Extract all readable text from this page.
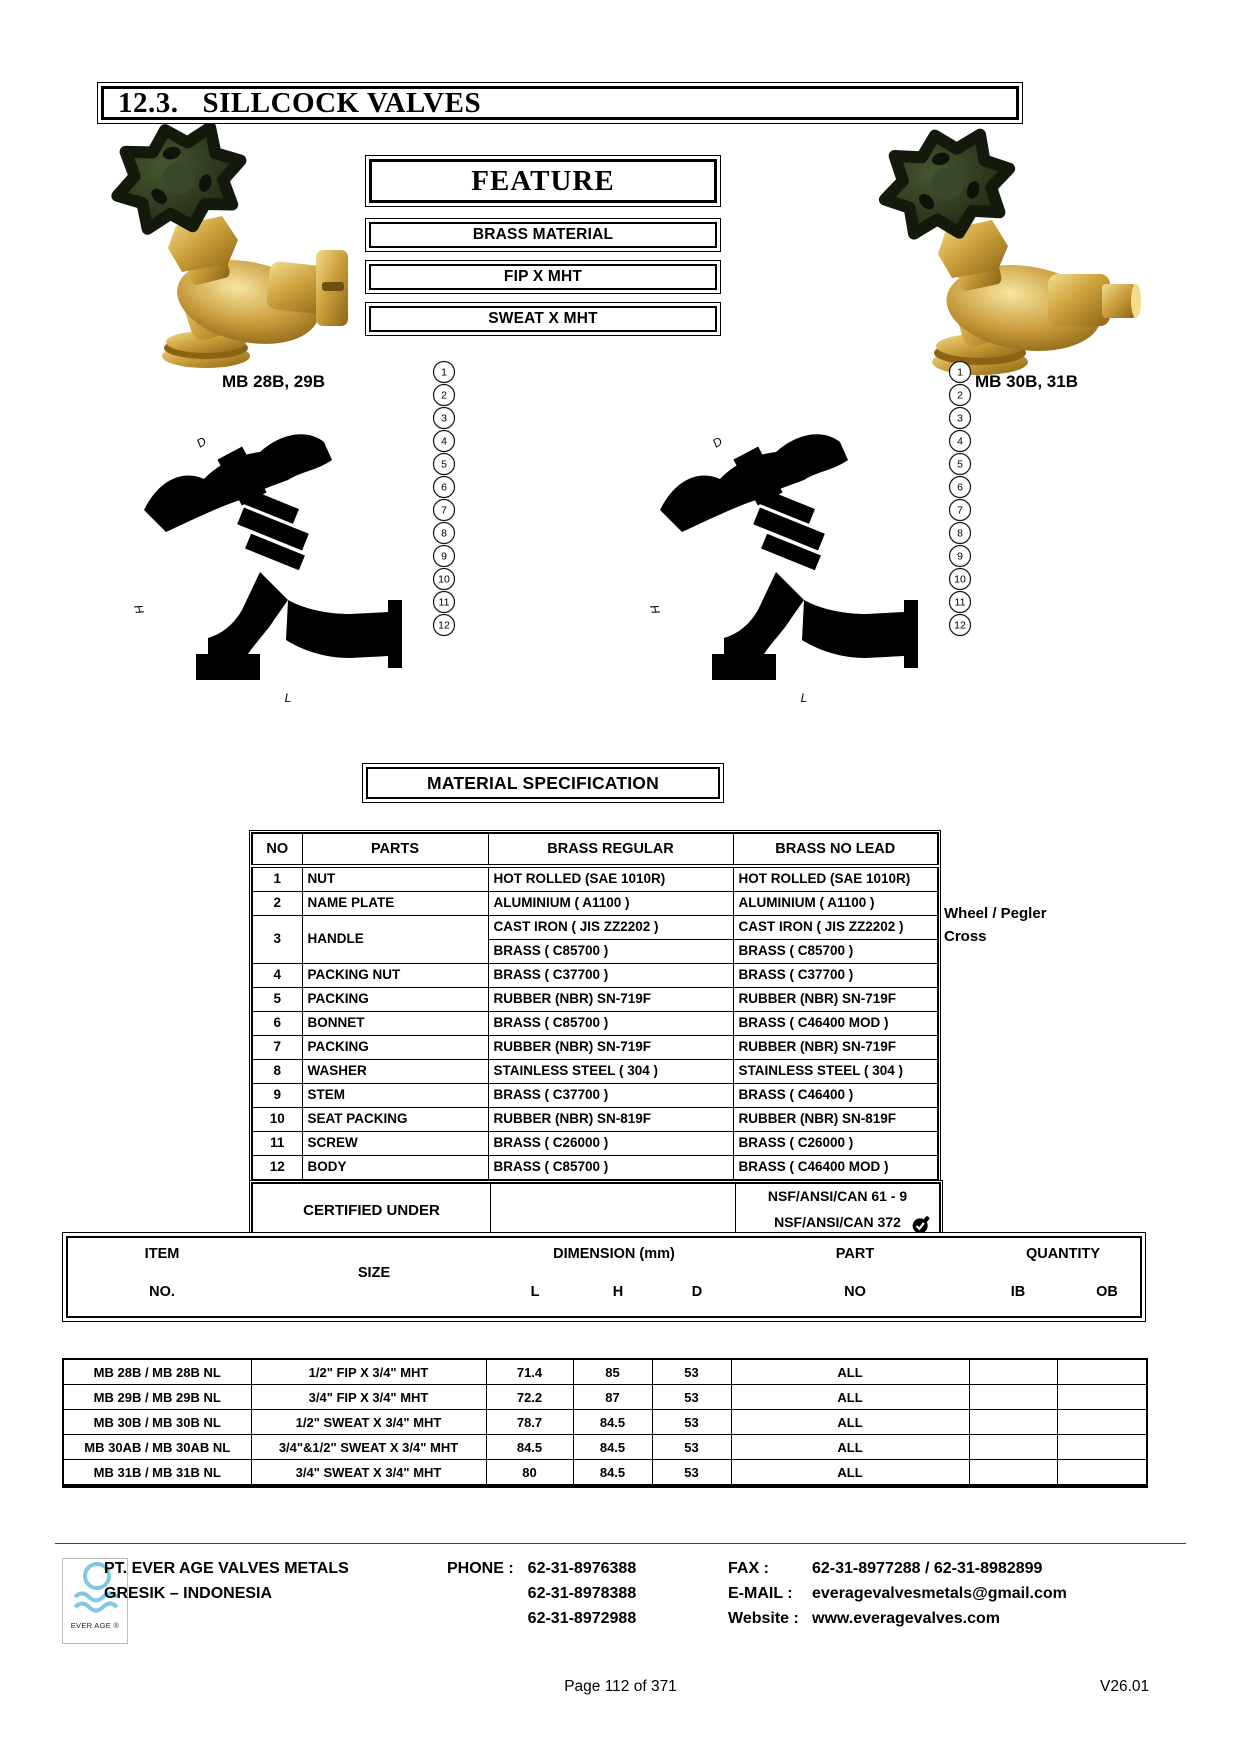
12.3. SILLCOCK VALVES
MB 28B, 29B	MB 30B, 31B
FEATURE
BRASS MATERIAL
FIP X MHT
SWEAT X MHT
D
H
L
1
2
3
4
5
6
7
8
9
10
11
12
D
H
L
1
2
3
4
5
6
7
8
9
10
11
12
MATERIAL SPECIFICATION
NO	PARTS	BRASS REGULAR	BRASS NO LEAD
1	NUT	HOT ROLLED (SAE 1010R)	HOT ROLLED (SAE 1010R)
2	NAME PLATE	ALUMINIUM ( A1100 )	ALUMINIUM ( A1100 )
3	HANDLE	CAST IRON ( JIS ZZ2202 )	CAST IRON ( JIS ZZ2202 )
		BRASS ( C85700 )	BRASS ( C85700 )
4	PACKING NUT	BRASS ( C37700 )	BRASS ( C37700 )
5	PACKING	RUBBER (NBR) SN-719F	RUBBER (NBR) SN-719F
6	BONNET	BRASS ( C85700 )	BRASS ( C46400 MOD )
7	PACKING	RUBBER (NBR) SN-719F	RUBBER (NBR) SN-719F
8	WASHER	STAINLESS STEEL ( 304 )	STAINLESS STEEL ( 304 )
9	STEM	BRASS ( C37700 )	BRASS ( C46400 )
10	SEAT PACKING	RUBBER (NBR) SN-819F	RUBBER (NBR) SN-819F
11	SCREW	BRASS ( C26000 )	BRASS ( C26000 )
12	BODY	BRASS ( C85700 )	BRASS ( C46400 MOD )
Wheel / Pegler
Cross
CERTIFIED UNDER
NSF/ANSI/CAN 61 - 9
NSF/ANSI/CAN 372
ITEM
NO.
SIZE
DIMENSION (mm)
L	H	D
PART
NO
QUANTITY
IB	OB
MB 28B / MB 28B NL	1/2" FIP X 3/4" MHT	71.4	85	53	ALL		
MB 29B / MB 29B NL	3/4" FIP X 3/4" MHT	72.2	87	53	ALL		
MB 30B / MB 30B NL	1/2" SWEAT X 3/4" MHT	78.7	84.5	53	ALL		
MB 30AB / MB 30AB NL	3/4"&1/2" SWEAT X 3/4" MHT	84.5	84.5	53	ALL		
MB 31B / MB 31B NL	3/4" SWEAT X 3/4" MHT	80	84.5	53	ALL		
EVER AGE ®
PT. EVER AGE VALVES METALS
GRESIK – INDONESIA
PHONE : 62-31-8976388
62-31-8978388
62-31-8972988
FAX :	62-31-8977288 / 62-31-8982899
E-MAIL : everagevalvesmetals@gmail.com
Website : www.everagevalves.com
Page 112 of 371	V26.01
